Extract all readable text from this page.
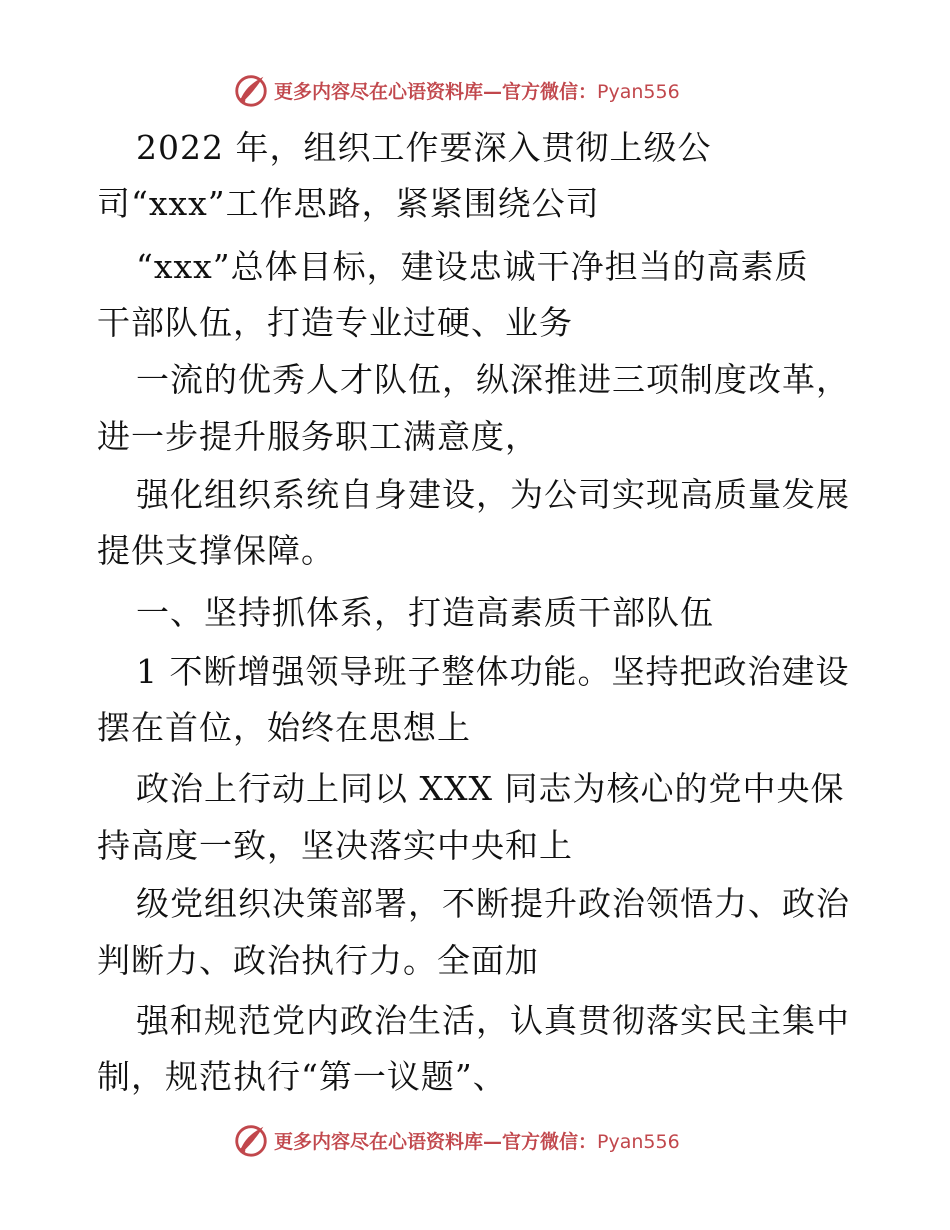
更多内容尽在心语资料库—官方微信：Pyan556
2022 年，组织工作要深入贯彻上级公
司“xxx”工作思路，紧紧围绕公司
“xxx”总体目标，建设忠诚干净担当的高素质
干部队伍，打造专业过硬、业务
一流的优秀人才队伍，纵深推进三项制度改革，
进一步提升服务职工满意度，
强化组织系统自身建设，为公司实现高质量发展
提供支撑保障。
一、坚持抓体系，打造高素质干部队伍
1 不断增强领导班子整体功能。坚持把政治建设
摆在首位，始终在思想上
政治上行动上同以 XXX 同志为核心的党中央保
持高度一致，坚决落实中央和上
级党组织决策部署，不断提升政治领悟力、政治
判断力、政治执行力。全面加
强和规范党内政治生活，认真贯彻落实民主集中
制，规范执行“第一议题”、
更多内容尽在心语资料库—官方微信：Pyan556
